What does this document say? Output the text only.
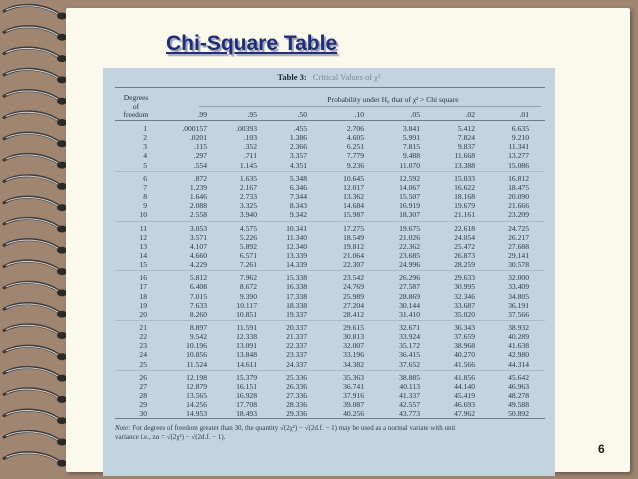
Chi-Square Table
Table 3: Critical Values of χ²
Degrees
of
freedom
Probability under H₀ that of χ² > Chi square
.99	.95	.50	.10	.05	.02	.01
1	.000157	.00393	.455	2.706	3.841	5.412	6.635
2	.0201	.103	1.386	4.605	5.991	7.824	9.210
3	.115	.352	2.366	6.251	7.815	9.837	11.341
4	.297	.711	3.357	7.779	9.488	11.668	13.277
5	.554	1.145	4.351	9.236	11.070	13.388	15.086
6	.872	1.635	5.348	10.645	12.592	15.033	16.812
7	1.239	2.167	6.346	12.017	14.067	16.622	18.475
8	1.646	2.733	7.344	13.362	15.507	18.168	20.090
9	2.088	3.325	8.343	14.684	16.919	19.679	21.666
10	2.558	3.940	9.342	15.987	18.307	21.161	23.209
11	3.053	4.575	10.341	17.275	19.675	22.618	24.725
12	3.571	5.226	11.340	18.549	21.026	24.054	26.217
13	4.107	5.892	12.340	19.812	22.362	25.472	27.688
14	4.660	6.571	13.339	21.064	23.685	26.873	29.141
15	4.229	7.261	14.339	22.307	24.996	28.259	30.578
16	5.812	7.962	15.338	23.542	26.296	29.633	32.000
17	6.408	8.672	16.338	24.769	27.587	30.995	33.409
18	7.015	9.390	17.338	25.989	28.869	32.346	34.805
19	7.633	10.117	18.338	27.204	30.144	33.687	36.191
20	8.260	10.851	19.337	28.412	31.410	35.020	37.566
21	8.897	11.591	20.337	29.615	32.671	36.343	38.932
22	9.542	12.338	21.337	30.813	33.924	37.659	40.289
23	10.196	13.091	22.337	32.007	35.172	38.968	41.638
24	10.856	13.848	23.337	33.196	36.415	40.270	42.980
25	11.524	14.611	24.337	34.382	37.652	41.566	44.314
26	12.198	15.379	25.336	35.363	38.885	41.856	45.642
27	12.879	16.151	26.336	36.741	40.113	44.140	46.963
28	13.565	16.928	27.336	37.916	41.337	45.419	48.278
29	14.256	17.708	28.336	39.087	42.557	46.693	49.588
30	14.953	18.493	29.336	40.256	43.773	47.962	50.892
Note: For degrees of freedom greater than 30, the quantity √(2χ²) − √(2d.f. − 1) may be used as a normal variate with unit
variance i.e., zα = √(2χ²) − √(2d.f. − 1).
6
